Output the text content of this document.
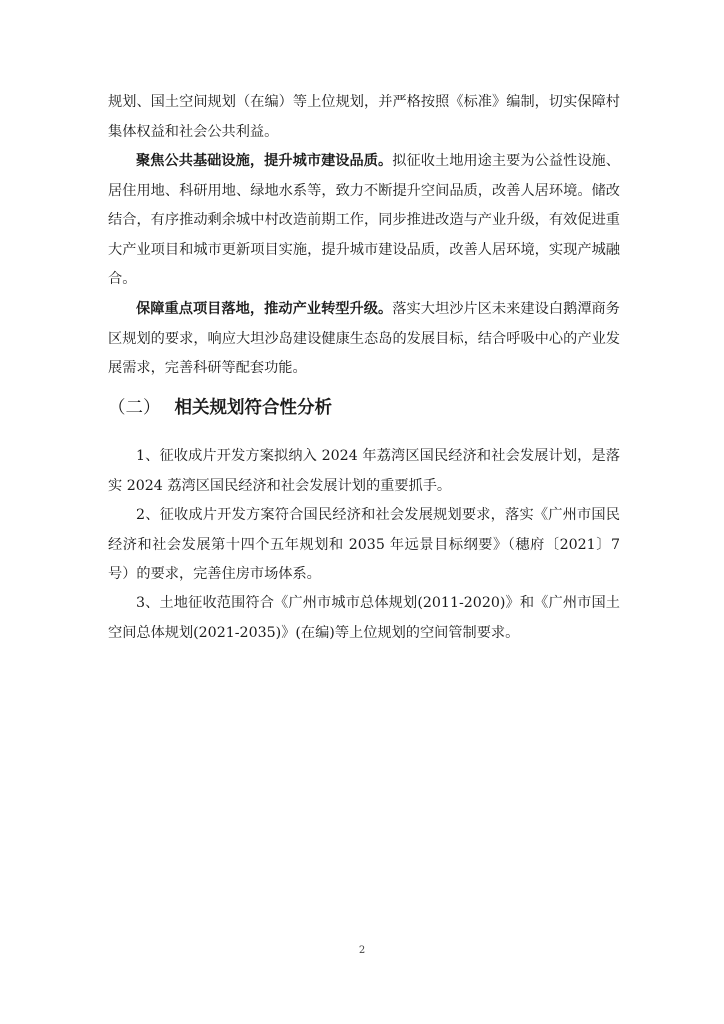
规划、国土空间规划（在编）等上位规划，并严格按照《标准》编制，切实保障村集体权益和社会公共利益。

聚焦公共基础设施，提升城市建设品质。拟征收土地用途主要为公益性设施、居住用地、科研用地、绿地水系等，致力不断提升空间品质，改善人居环境。储改结合，有序推动剩余城中村改造前期工作，同步推进改造与产业升级，有效促进重大产业项目和城市更新项目实施，提升城市建设品质，改善人居环境，实现产城融合。

保障重点项目落地，推动产业转型升级。落实大坦沙片区未来建设白鹅潭商务区规划的要求，响应大坦沙岛建设健康生态岛的发展目标，结合呼吸中心的产业发展需求，完善科研等配套功能。

（二） 相关规划符合性分析

1、征收成片开发方案拟纳入 2024 年荔湾区国民经济和社会发展计划，是落实 2024 荔湾区国民经济和社会发展计划的重要抓手。

2、征收成片开发方案符合国民经济和社会发展规划要求，落实《广州市国民经济和社会发展第十四个五年规划和 2035 年远景目标纲要》（穗府〔2021〕7 号）的要求，完善住房市场体系。

3、土地征收范围符合《广州市城市总体规划(2011-2020)》和《广州市国土空间总体规划(2021-2035)》(在编)等上位规划的空间管制要求。

2
